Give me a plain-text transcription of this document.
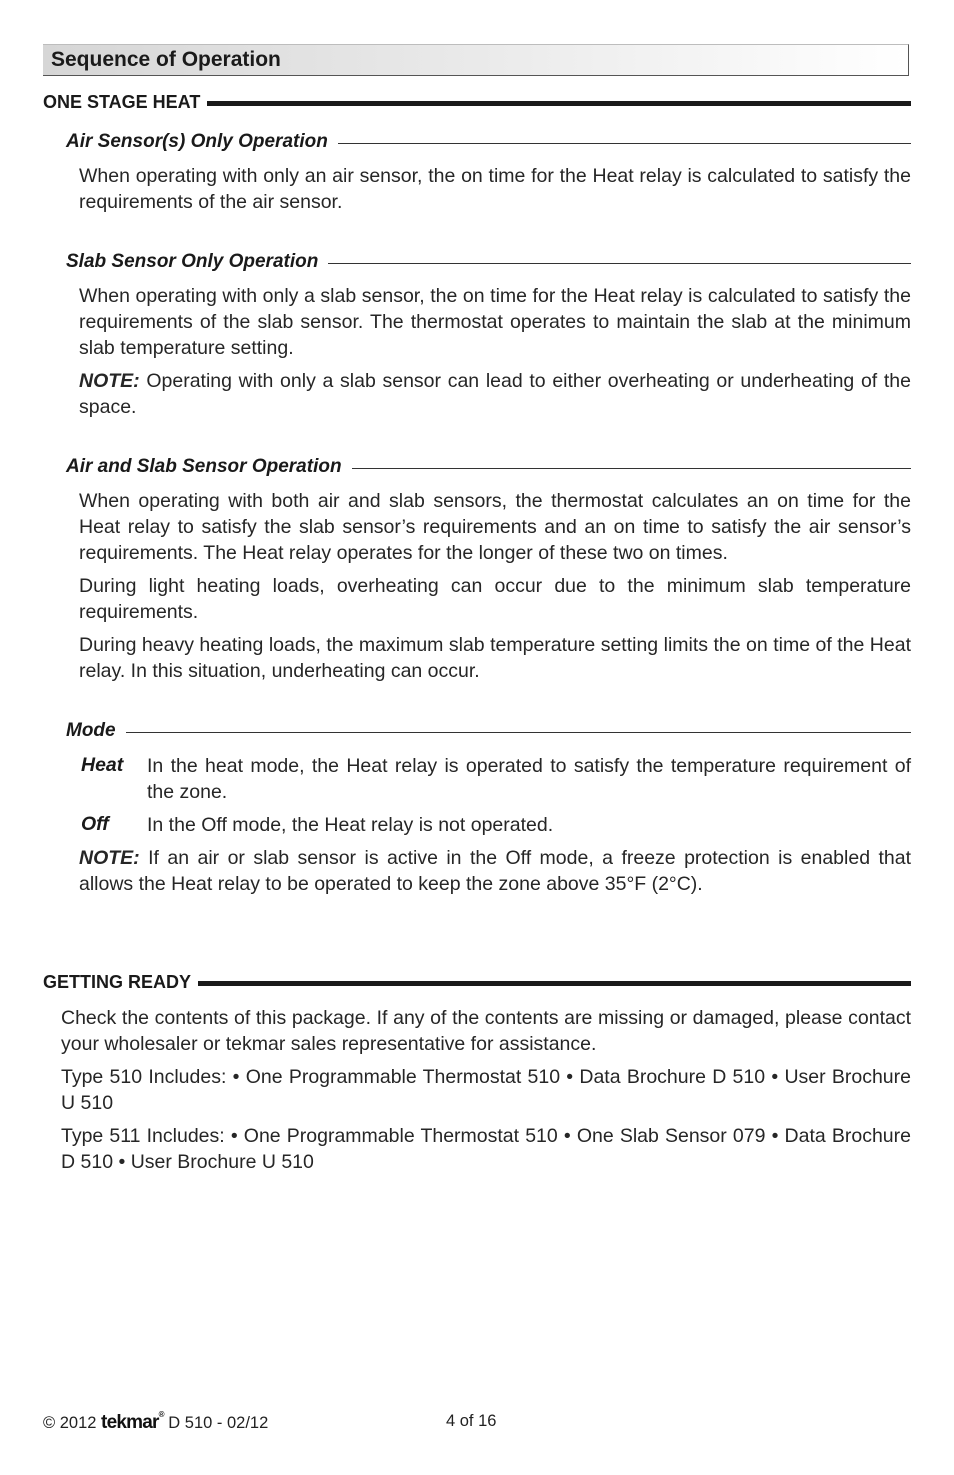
Sequence of Operation
ONE STAGE HEAT
Air Sensor(s) Only Operation

When operating with only an air sensor, the on time for the Heat relay is calculated to satisfy the requirements of the air sensor.

Slab Sensor Only Operation

When operating with only a slab sensor, the on time for the Heat relay is calculated to satisfy the requirements of the slab sensor. The thermostat operates to maintain the slab at the minimum slab temperature setting.

NOTE: Operating with only a slab sensor can lead to either overheating or underheating of the space.

Air and Slab Sensor Operation

When operating with both air and slab sensors, the thermostat calculates an on time for the Heat relay to satisfy the slab sensor’s requirements and an on time to satisfy the air sensor’s requirements. The Heat relay operates for the longer of these two on times.

During light heating loads, overheating can occur due to the minimum slab temperature requirements.

During heavy heating loads, the maximum slab temperature setting limits the on time of the Heat relay. In this situation, underheating can occur.

Mode
Heat In the heat mode, the Heat relay is operated to satisfy the temperature requirement of the zone.

Off In the Off mode, the Heat relay is not operated.

NOTE: If an air or slab sensor is active in the Off mode, a freeze protection is enabled that allows the Heat relay to be operated to keep the zone above 35°F (2°C).

GETTING READY

Check the contents of this package. If any of the contents are missing or damaged, please contact your wholesaler or tekmar sales representative for assistance.

Type 510 Includes: • One Programmable Thermostat 510 • Data Brochure D 510 • User Brochure U 510

Type 511 Includes: • One Programmable Thermostat 510 • One Slab Sensor 079 • Data Brochure D 510 • User Brochure U 510

© 2012 tekmar® D 510 - 02/12	4 of 16
